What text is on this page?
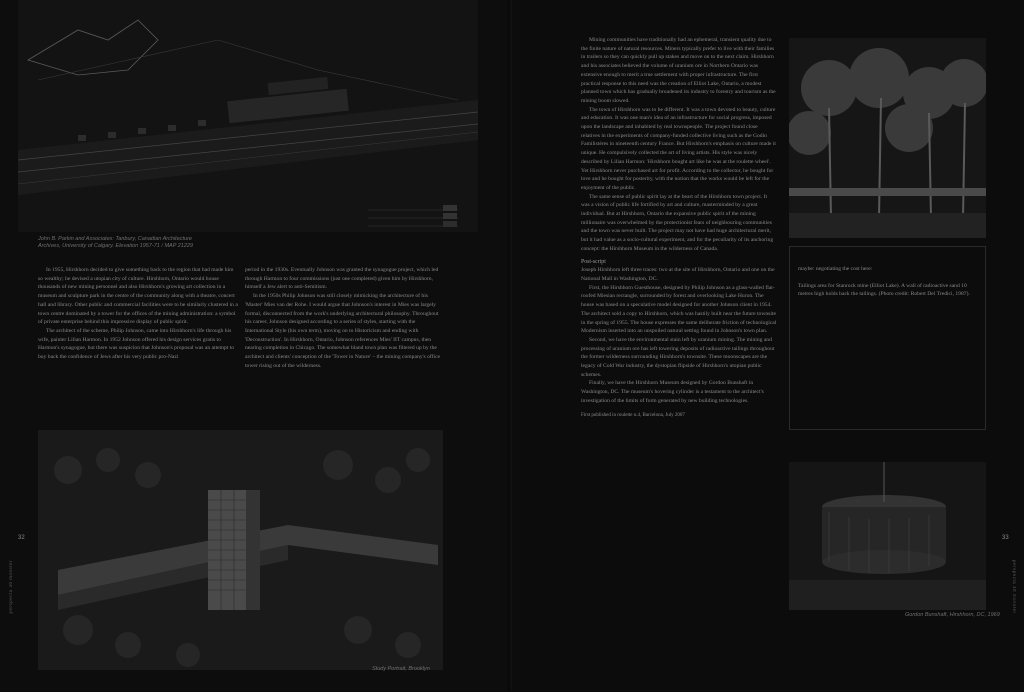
John B. Parkin and Associates: Tanbury, Canadian Architecture
Archives, University of Calgary. Elevation 1957-71 / MAP 21229

In 1955, Hirshhorn decided to give something back to the region that had made him so wealthy; he devised a utopian city of culture. Hirshhorn, Ontario would house thousands of new mining personnel and also Hirshhorn's growing art collection in a museum and sculpture park in the centre of the community along with a theatre, concert hall and library. Other public and commercial facilities were to be similarly clustered in a town centre dominated by a tower for the offices of the mining administration: a symbol of private enterprise behind this impressive display of public spirit.

The architect of the scheme, Philip Johnson, came into Hirshhorn's life through his wife, painter Lilian Harmon. In 1952 Johnson offered his design services gratis to Harmon's synagogue, but there was suspicion that Johnson's proposal was an attempt to buy back the confidence of Jews after his very public pro-Nazi

period in the 1930s. Eventually Johnson was granted the synagogue project, which led through Harmon to four commissions (just one completed) given him by Hirshhorn, himself a Jew alert to anti-Semitism.

In the 1950s Philip Johnson was still closely mimicking the architecture of his 'Master' Mies van der Rohe. I would argue that Johnson's interest in Mies was largely formal, disconnected from the work's underlying architectural philosophy. Throughout his career, Johnson designed according to a series of styles, starting with the International Style (his own term), moving on to Historicism and ending with 'Deconstruction'. In Hirshhorn, Ontario, Johnson references Mies' IIT campus, then nearing completion in Chicago. The somewhat bland town plan was filtered up by the architect and clients' conception of the 'Tower in Nature' – the mining company's office tower rising out of the wilderness.

Study Portrait, Brooklyn
32
perspecta 40 monster

Mining communities have traditionally had an ephemeral, transient quality due to the finite nature of natural resources. Miners typically prefer to live with their families in trailers so they can quickly pull up stakes and move on to the next claim. Hirshhorn and his associates believed the volume of uranium ore in Northern Ontario was extensive enough to merit a true settlement with proper infrastructure. The first practical response to this need was the creation of Elliot Lake, Ontario, a modest planned town which has gradually broadened its industry to forestry and tourism as the mining boom slowed.

The town of Hirshhorn was to be different. It was a town devoted to beauty, culture and education. It was one man's idea of an infrastructure for social progress, imposed upon the landscape and inhabited by real townspeople. The project found close relatives in the experiments of company-funded collective living such as the Godin Familistères in nineteenth century France. But Hirshhorn's emphasis on culture made it unique. He compulsively collected the art of living artists. His style was nicely described by Lilian Harmon: 'Hirshhorn bought art like he was at the roulette wheel'. Yet Hirshhorn never purchased art for profit. According to the collector, he bought for love and he bought for posterity, with the notion that the works would be left for the enjoyment of the public.

The same sense of public spirit lay at the heart of the Hirshhorn town project. It was a vision of public life fortified by art and culture, masterminded by a great individual. But at Hirshhorn, Ontario the expansive public spirit of the mining millionaire was overwhelmed by the protectionist fears of neighbouring communities and the town was never built. The project may not have had huge architectural merit, but it had value as a socio-cultural experiment, and for the peculiarity of its anchoring concept: the Hirshhorn Museum in the wilderness of Canada.

Post-script

Joseph Hirshhorn left three traces: two at the site of Hirshhorn, Ontario and one on the National Mall in Washington, DC.

First, the Hirshhorn Guesthouse, designed by Philip Johnson as a glass-walled flat-roofed Miesian rectangle, surrounded by forest and overlooking Lake Huron. The house was based on a speculative model designed for another Johnson client in 1954. The architect sold a copy to Hirshhorn, which was hastily built near the future townsite in the spring of 1955. The house expresses the same deliberate friction of technological Modernism inserted into an unspoiled natural setting found in Johnson's town plan.

Second, we have the environmental stain left by uranium mining. The mining and processing of uranium ore has left towering deposits of radioactive tailings throughout the former wilderness surrounding Hirshhorn's townsite. These moonscapes are the legacy of Cold War industry, the dystopian flipside of Hirshhorn's utopian public schemes.

Finally, we have the Hirshhorn Museum designed by Gordon Bunshaft in Washington, DC. The museum's hovering cylinder is a testament to the architect's investigation of the limits of form generated by new building technologies.

First published in roulette n.4, Barcelona, July 2007

maybe: negotiating the cost here:

Tailings area for Stanrock mine (Elliot Lake). A wall of radioactive sand 10 metres high holds back the tailings. (Photo credit: Robert Del Tredici, 1987).

Gordon Bunshaft, Hirshhorn, DC, 1969
33
perspecta 40 monster
